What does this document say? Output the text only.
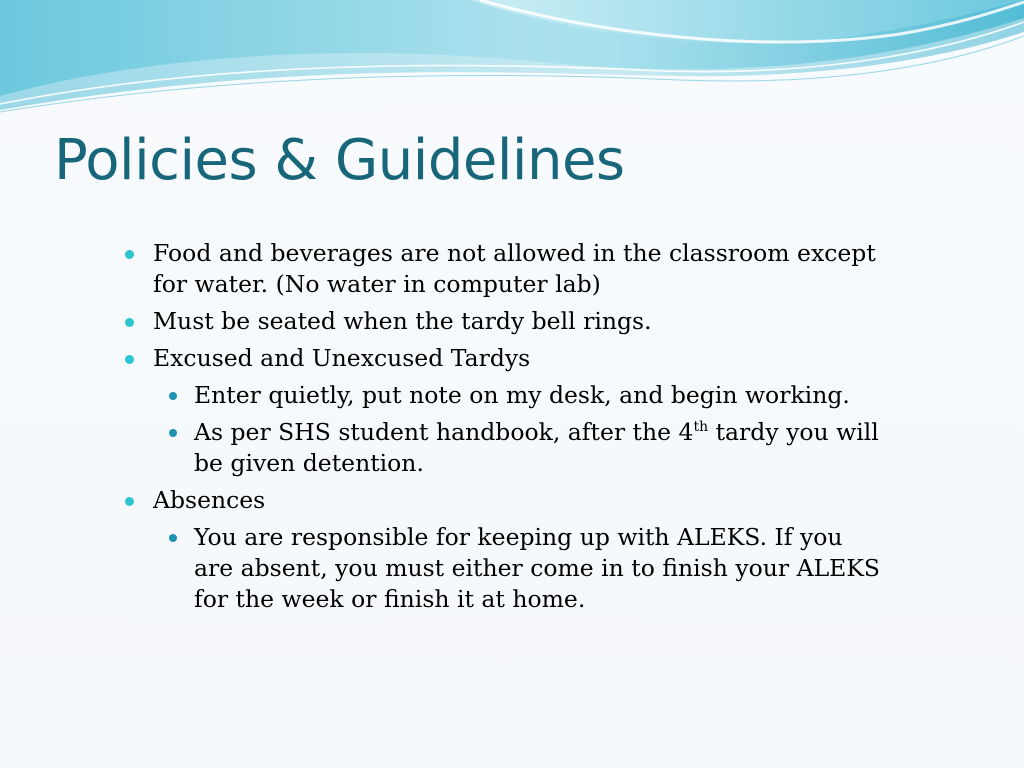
Policies & Guidelines
Food and beverages are not allowed in the classroom except for water. (No water in computer lab)
Must be seated when the tardy bell rings.
Excused and Unexcused Tardys
Enter quietly, put note on my desk, and begin working.
As per SHS student handbook, after the 4th tardy you will be given detention.
Absences
You are responsible for keeping up with ALEKS. If you are absent, you must either come in to finish your ALEKS for the week or finish it at home.
